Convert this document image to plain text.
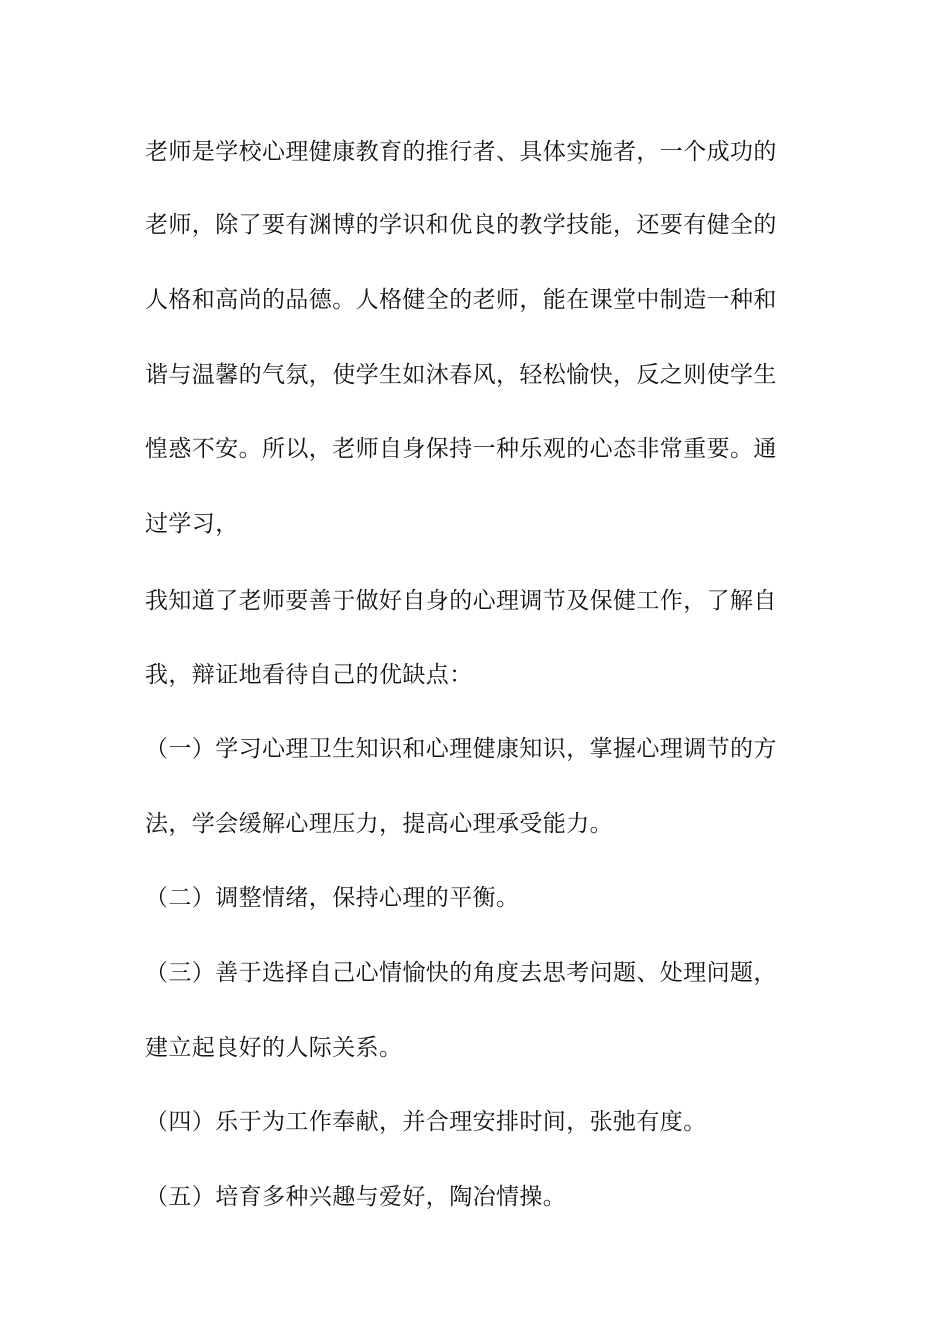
老师是学校心理健康教育的推行者、具体实施者，一个成功的
老师，除了要有渊博的学识和优良的教学技能，还要有健全的
人格和高尚的品德。人格健全的老师，能在课堂中制造一种和
谐与温馨的气氛，使学生如沐春风，轻松愉快，反之则使学生
惶惑不安。所以，老师自身保持一种乐观的心态非常重要。通
过学习，
我知道了老师要善于做好自身的心理调节及保健工作，了解自
我，辩证地看待自己的优缺点：
（一）学习心理卫生知识和心理健康知识，掌握心理调节的方
法，学会缓解心理压力，提高心理承受能力。
（二）调整情绪，保持心理的平衡。
（三）善于选择自己心情愉快的角度去思考问题、处理问题，
建立起良好的人际关系。
（四）乐于为工作奉献，并合理安排时间，张弛有度。
（五）培育多种兴趣与爱好，陶冶情操。
